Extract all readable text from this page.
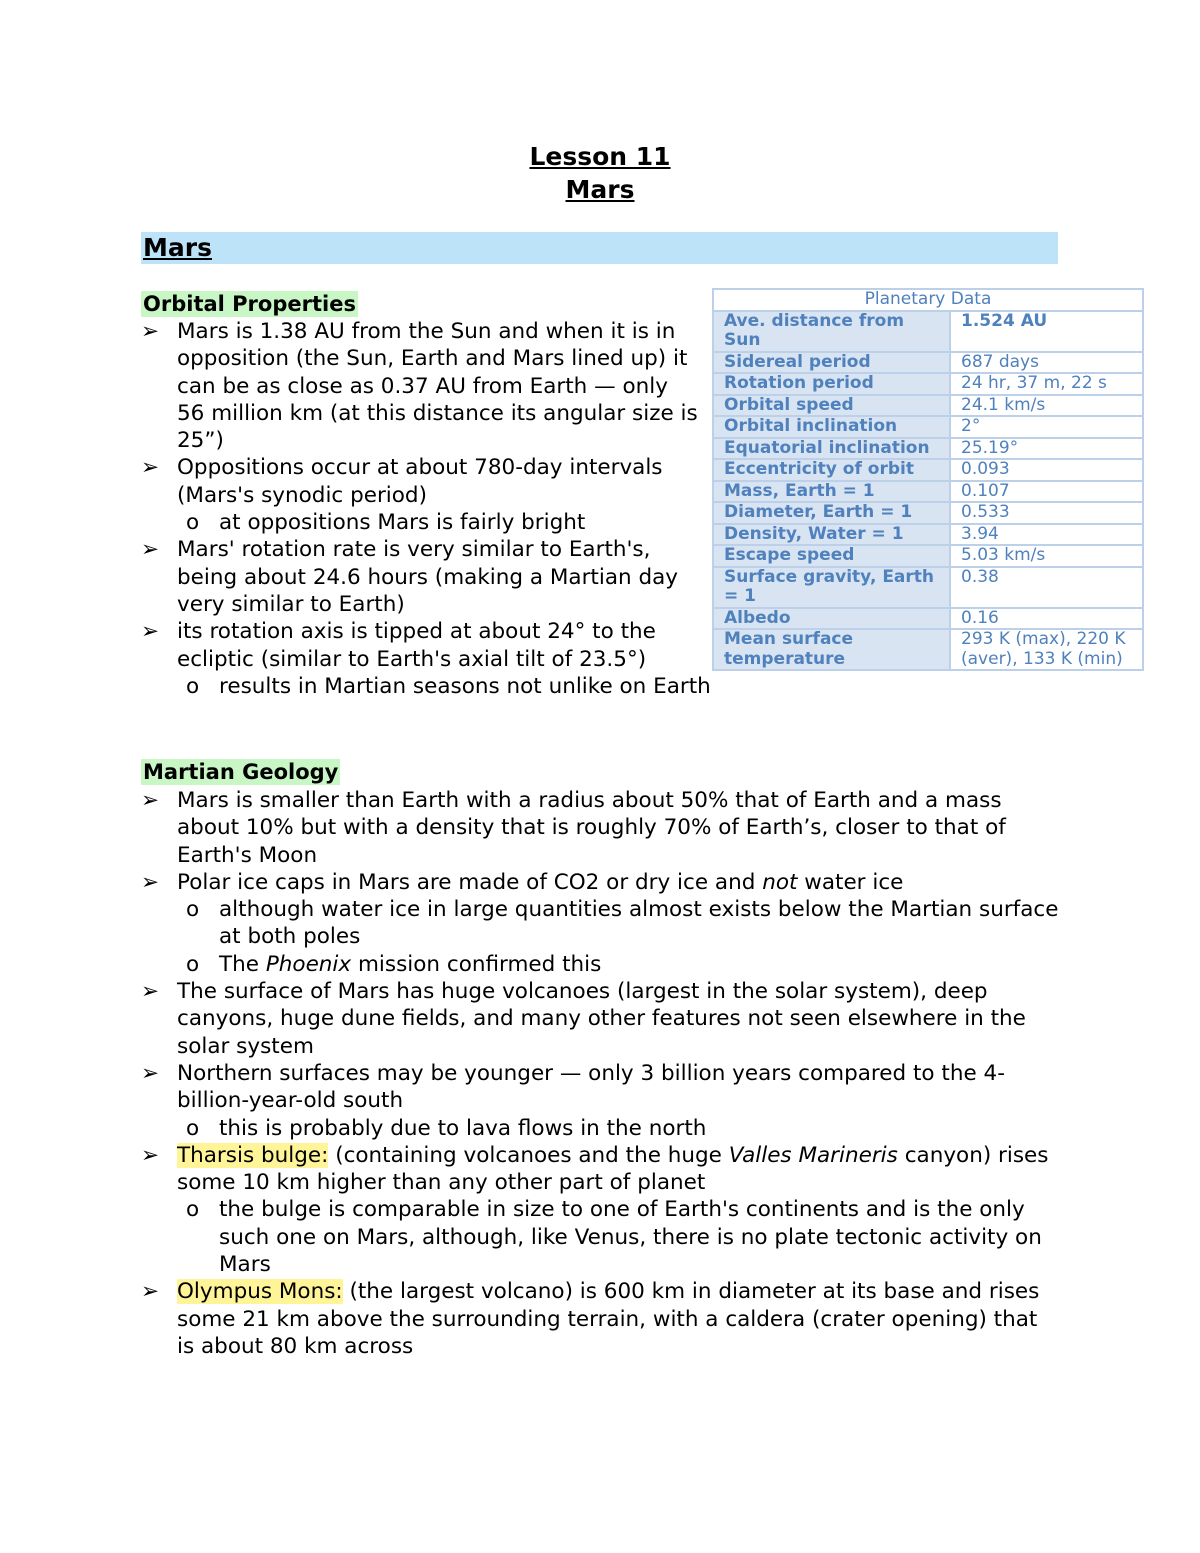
Lesson 11
Mars
Mars
Orbital Properties
➢ Mars is 1.38 AU from the Sun and when it is in opposition (the Sun, Earth and Mars lined up) it can be as close as 0.37 AU from Earth — only 56 million km (at this distance its angular size is 25”)
➢ Oppositions occur at about 780-day intervals (Mars's synodic period)
o at oppositions Mars is fairly bright
➢ Mars' rotation rate is very similar to Earth's, being about 24.6 hours (making a Martian day very similar to Earth)
➢ its rotation axis is tipped at about 24° to the ecliptic (similar to Earth's axial tilt of 23.5°)
o results in Martian seasons not unlike on Earth
Planetary Data	
Ave. distance from Sun	1.524 AU
Sidereal period	687 days
Rotation period	24 hr, 37 m, 22 s
Orbital speed	24.1 km/s
Orbital inclination	2°
Equatorial inclination	25.19°
Eccentricity of orbit	0.093
Mass, Earth = 1	0.107
Diameter, Earth = 1	0.533
Density, Water = 1	3.94
Escape speed	5.03 km/s
Surface gravity, Earth = 1	0.38
Albedo	0.16
Mean surface temperature	293 K (max), 220 K (aver), 133 K (min)
Martian Geology
➢ Mars is smaller than Earth with a radius about 50% that of Earth and a mass about 10% but with a density that is roughly 70% of Earth’s, closer to that of Earth's Moon
➢ Polar ice caps in Mars are made of CO2 or dry ice and not water ice
o although water ice in large quantities almost exists below the Martian surface at both poles
o The Phoenix mission confirmed this
➢ The surface of Mars has huge volcanoes (largest in the solar system), deep canyons, huge dune fields, and many other features not seen elsewhere in the solar system
➢ Northern surfaces may be younger — only 3 billion years compared to the 4-billion-year-old south
o this is probably due to lava flows in the north
➢ Tharsis bulge: (containing volcanoes and the huge Valles Marineris canyon) rises some 10 km higher than any other part of planet
o the bulge is comparable in size to one of Earth's continents and is the only such one on Mars, although, like Venus, there is no plate tectonic activity on Mars
➢ Olympus Mons: (the largest volcano) is 600 km in diameter at its base and rises some 21 km above the surrounding terrain, with a caldera (crater opening) that is about 80 km across
